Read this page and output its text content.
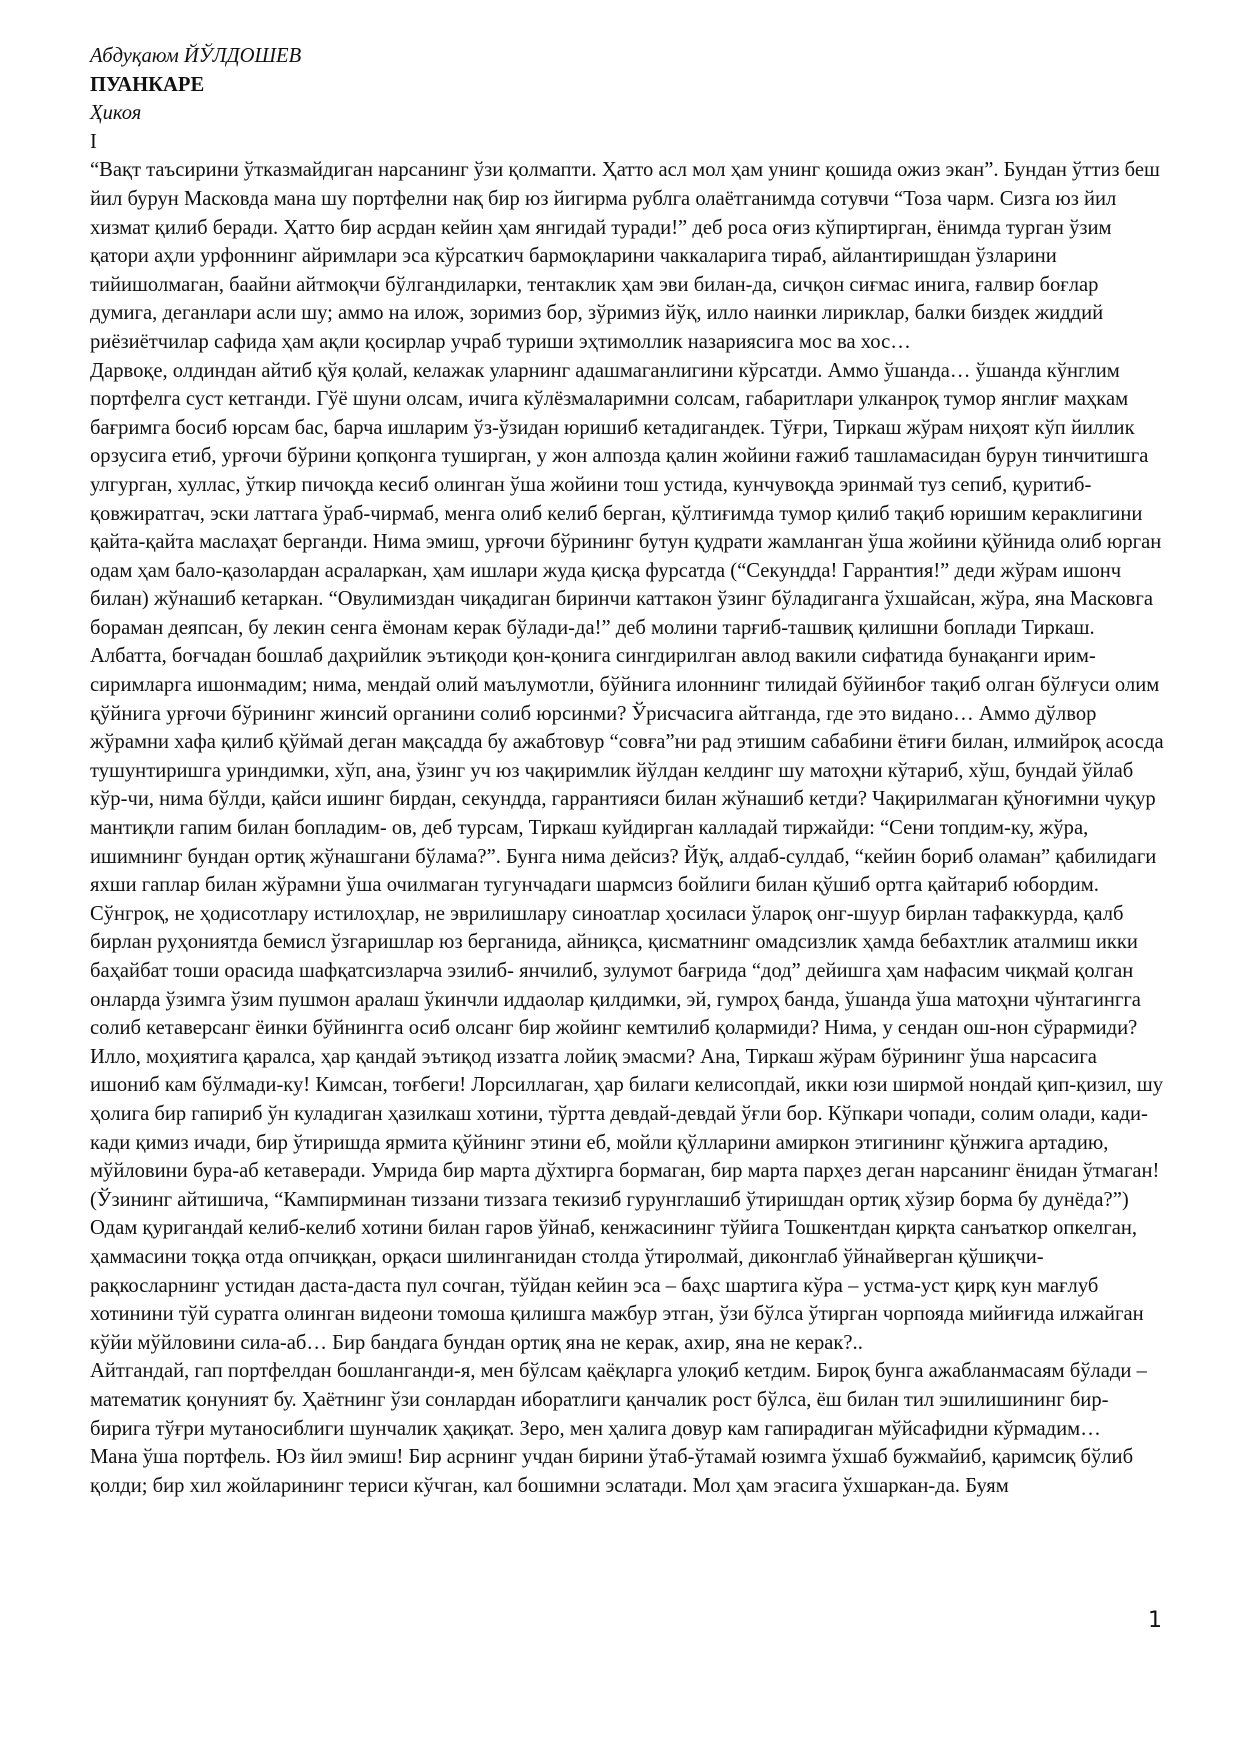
Абдуқаюм ЙЎЛДОШЕВ
ПУАНКАРЕ
Ҳикоя
I

“Вақт таъсирини ўтказмайдиган нарсанинг ўзи қолмапти. Ҳатто асл мол ҳам унинг қошида ожиз экан”. Бундан ўттиз беш йил бурун Масковда мана шу портфелни нақ бир юз йигирма рублга олаётганимда сотувчи “Тоза чарм. Сизга юз йил хизмат қилиб беради. Ҳатто бир асрдан кейин ҳам янгидай туради!” деб роса оғиз кўпиртирган, ёнимда турган ўзим қатори аҳли урфоннинг айримлари эса кўрсаткич бармоқларини чаккаларига тираб, айлантиришдан ўзларини тийишолмаган, баайни айтмоқчи бўлгандиларки, тентаклик ҳам эви билан-да, сичқон сиғмас инига, ғалвир боғлар думига, деганлари асли шу; аммо на илож, зоримиз бор, зўримиз йўқ, илло наинки лириклар, балки биздек жиддий риёзиётчилар сафида ҳам ақли қосирлар учраб туриши эҳтимоллик назариясига мос ва хос…

Дарвоқе, олдиндан айтиб қўя қолай, келажак уларнинг адашмаганлигини кўрсатди. Аммо ўшанда… ўшанда кўнглим портфелга суст кетганди. Гўё шуни олсам, ичига кўлёзмаларимни солсам, габаритлари улканроқ тумор янглиғ маҳкам бағримга босиб юрсам бас, барча ишларим ўз-ўзидан юришиб кетадигандек. Тўғри, Тиркаш жўрам ниҳоят кўп йиллик орзусига етиб, урғочи бўрини қопқонга туширган, у жон алпозда қалин жойини ғажиб ташламасидан бурун тинчитишга улгурган, хуллас, ўткир пичоқда кесиб олинган ўша жойини тош устида, кунчувоқда эринмай туз сепиб, қуритиб- қовжиратгач, эски латтага ўраб-чирмаб, менга олиб келиб берган, қўлтиғимда тумор қилиб тақиб юришим кераклигини қайта-қайта маслаҳат берганди. Нима эмиш, урғочи бўрининг бутун қудрати жамланган ўша жойини қўйнида олиб юрган одам ҳам бало-қазолардан асраларкан, ҳам ишлари жуда қисқа фурсатда (“Секундда! Гаррантия!” деди жўрам ишонч билан) жўнашиб кетаркан. “Овулимиздан чиқадиган биринчи каттакон ўзинг бўладиганга ўхшайсан, жўра, яна Масковга бораман деяпсан, бу лекин сенга ёмонам керак бўлади-да!” деб молини тарғиб-ташвиқ қилишни боплади Тиркаш. Албатта, боғчадан бошлаб даҳрийлик эътиқоди қон-қонига сингдирилган авлод вакили сифатида бунақанги ирим-сиримларга ишонмадим; нима, мендай олий маълумотли, бўйнига илоннинг тилидай бўйинбоғ тақиб олган бўлғуси олим қўйнига урғочи бўрининг жинсий органини солиб юрсинми? Ўрисчасига айтганда, где это видано… Аммо дўлвор жўрамни хафа қилиб қўймай деган мақсадда бу ажабтовур “совға”ни рад этишим сабабини ётиғи билан, илмийроқ асосда тушунтиришга уриндимки, хўп, ана, ўзинг уч юз чақиримлик йўлдан келдинг шу матоҳни кўтариб, хўш, бундай ўйлаб кўр-чи, нима бўлди, қайси ишинг бирдан, секундда, гаррантияси билан жўнашиб кетди? Чақирилмаган қўноғимни чуқур мантиқли гапим билан бопладим- ов, деб турсам, Тиркаш куйдирган калладай тиржайди: “Сени топдим-ку, жўра, ишимнинг бундан ортиқ жўнашгани бўлама?”. Бунга нима дейсиз? Йўқ, алдаб-сулдаб, “кейин бориб оламан” қабилидаги яхши гаплар билан жўрамни ўша очилмаган тугунчадаги шармсиз бойлиги билан қўшиб ортга қайтариб юбордим.

Сўнгроқ, не ҳодисотлару истилоҳлар, не эврилишлару синоатлар ҳосиласи ўлароқ онг-шуур бирлан тафаккурда, қалб бирлан руҳониятда бемисл ўзгаришлар юз берганида, айниқса, қисматнинг омадсизлик ҳамда бебахтлик аталмиш икки баҳайбат тоши орасида шафқатсизларча эзилиб- янчилиб, зулумот бағрида “дод” дейишга ҳам нафасим чиқмай қолган онларда ўзимга ўзим пушмон аралаш ўкинчли иддаолар қилдимки, эй, гумроҳ банда, ўшанда ўша матоҳни чўнтагингга солиб кетаверсанг ёинки бўйнингга осиб олсанг бир жойинг кемтилиб қолармиди? Нима, у сендан ош-нон сўрармиди? Илло, моҳиятига қаралса, ҳар қандай эътиқод иззатга лойиқ эмасми? Ана, Тиркаш жўрам бўрининг ўша нарсасига ишониб кам бўлмади-ку! Кимсан, тоғбеги! Лорсиллаган, ҳар билаги келисопдай, икки юзи ширмой нондай қип-қизил, шу ҳолига бир гапириб ўн куладиган ҳазилкаш хотини, тўртта девдай-девдай ўғли бор. Кўпкари чопади, солим олади, кади-кади қимиз ичади, бир ўтиришда ярмита қўйнинг этини еб, мойли қўлларини амиркон этигининг қўнжига артадию, мўйловини бура-аб кетаверади. Умрида бир марта дўхтирга бормаган, бир марта парҳез деган нарсанинг ёнидан ўтмаган! (Ўзининг айтишича, “Кампирминан тиззани тиззага текизиб гурунглашиб ўтиришдан ортиқ хўзир борма бу дунёда?”) Одам қуригандай келиб-келиб хотини билан гаров ўйнаб, кенжасининг тўйига Тошкентдан қирқта санъаткор опкелган, ҳаммасини тоққа отда опчиққан, орқаси шилинганидан столда ўтиролмай, диконглаб ўйнайверган қўшиқчи-рақкосларнинг устидан даста-даста пул сочган, тўйдан кейин эса – баҳс шартига кўра – устма-уст қирқ кун мағлуб хотинини тўй суратга олинган видеони томоша қилишга мажбур этган, ўзи бўлса ўтирган чорпояда мийиғида илжайган кўйи мўйловини сила-аб… Бир бандага бундан ортиқ яна не керак, ахир, яна не керак?..

Айтгандай, гап портфелдан бошланганди-я, мен бўлсам қаёқларга улоқиб кетдим. Бироқ бунга ажабланмасаям бўлади – математик қонуният бу. Ҳаётнинг ўзи сонлардан иборатлиги қанчалик рост бўлса, ёш билан тил эшилишининг бир-бирига тўғри мутаносиблиги шунчалик ҳақиқат. Зеро, мен ҳалига довур кам гапирадиган мўйсафидни кўрмадим…

Мана ўша портфель. Юз йил эмиш! Бир асрнинг учдан бирини ўтаб-ўтамай юзимга ўхшаб бужмайиб, қаримсиқ бўлиб қолди; бир хил жойларининг териси кўчган, кал бошимни эслатади. Мол ҳам эгасига ўхшаркан-да. Буям

1
